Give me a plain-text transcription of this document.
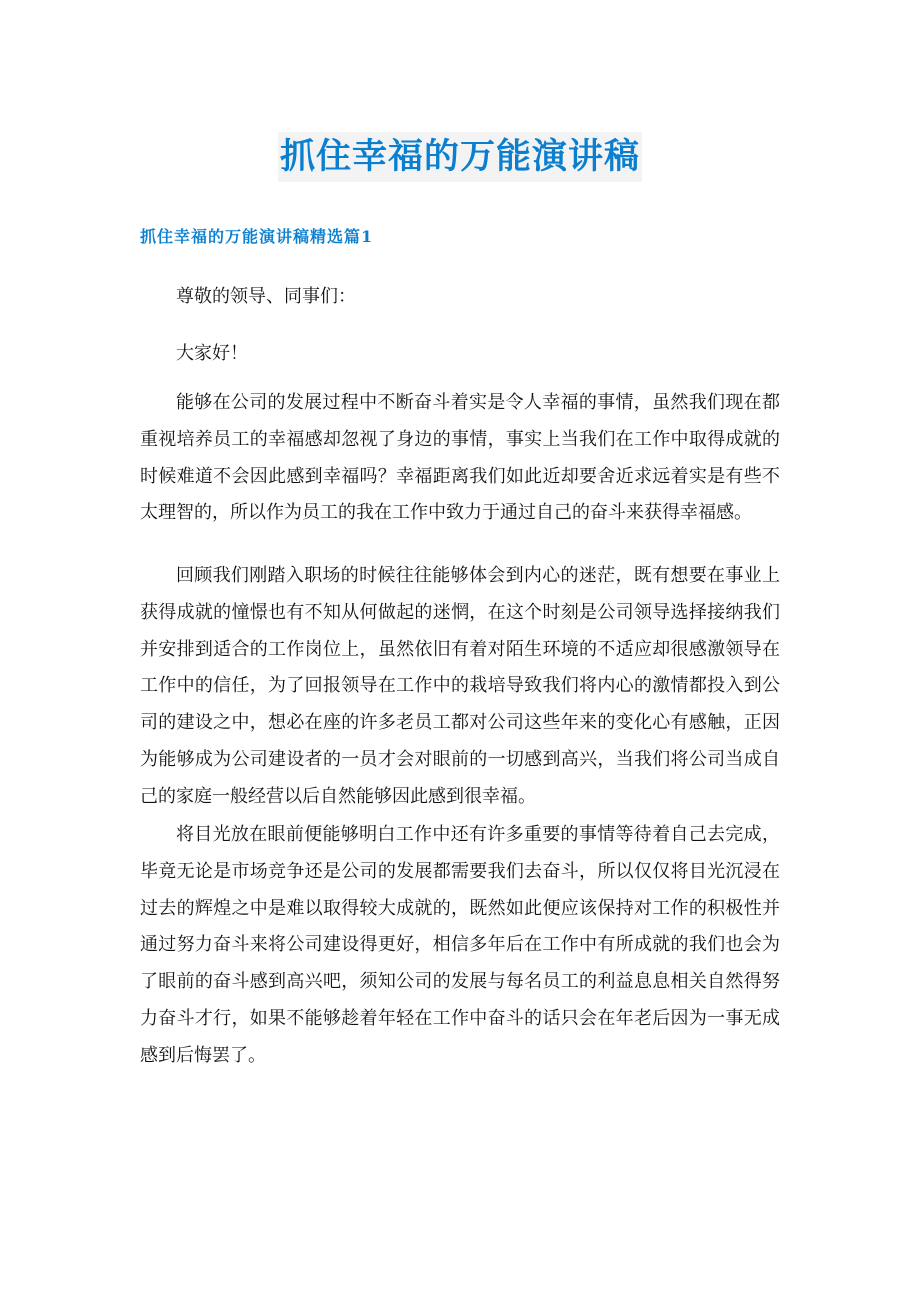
抓住幸福的万能演讲稿
抓住幸福的万能演讲稿精选篇1

尊敬的领导、同事们：

大家好！

能够在公司的发展过程中不断奋斗着实是令人幸福的事情，虽然我们现在都重视培养员工的幸福感却忽视了身边的事情，事实上当我们在工作中取得成就的时候难道不会因此感到幸福吗？幸福距离我们如此近却要舍近求远着实是有些不太理智的，所以作为员工的我在工作中致力于通过自己的奋斗来获得幸福感。

回顾我们刚踏入职场的时候往往能够体会到内心的迷茫，既有想要在事业上获得成就的憧憬也有不知从何做起的迷惘，在这个时刻是公司领导选择接纳我们并安排到适合的工作岗位上，虽然依旧有着对陌生环境的不适应却很感激领导在工作中的信任，为了回报领导在工作中的栽培导致我们将内心的激情都投入到公司的建设之中，想必在座的许多老员工都对公司这些年来的变化心有感触，正因为能够成为公司建设者的一员才会对眼前的一切感到高兴，当我们将公司当成自己的家庭一般经营以后自然能够因此感到很幸福。

将目光放在眼前便能够明白工作中还有许多重要的事情等待着自己去完成，毕竟无论是市场竞争还是公司的发展都需要我们去奋斗，所以仅仅将目光沉浸在过去的辉煌之中是难以取得较大成就的，既然如此便应该保持对工作的积极性并通过努力奋斗来将公司建设得更好，相信多年后在工作中有所成就的我们也会为了眼前的奋斗感到高兴吧，须知公司的发展与每名员工的利益息息相关自然得努力奋斗才行，如果不能够趁着年轻在工作中奋斗的话只会在年老后因为一事无成感到后悔罢了。
